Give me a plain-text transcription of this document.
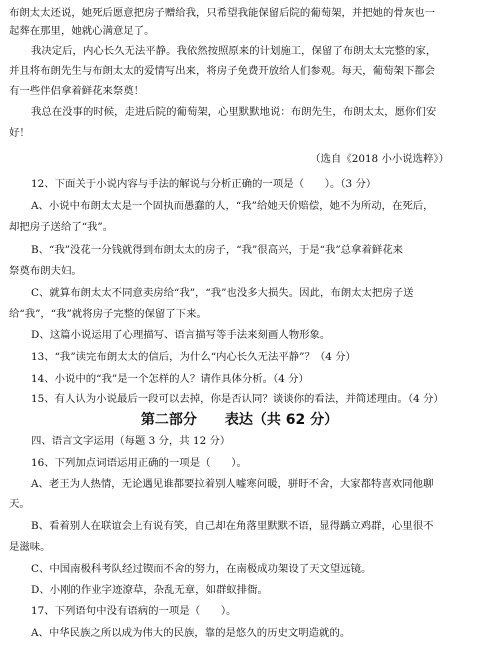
布朗太太还说，她死后愿意把房子赠给我，只希望我能保留后院的葡萄架，并把她的骨灰也一
起葬在那里，她就心满意足了。
我决定后，内心长久无法平静。我依然按照原来的计划施工，保留了布朗太太完整的家，
并且将布朗先生与布朗太太的爱情写出来，将房子免费开放给人们参观。每天，葡萄架下都会
有一些伴侣拿着鲜花来祭奠！
我总在没事的时候，走进后院的葡萄架，心里默默地说：布朗先生，布朗太太，愿你们安
好！
（选自《2018 小小说选粹》）
12、下面关于小说内容与手法的解说与分析正确的一项是（　　）。（3 分）
A、小说中布朗太太是一个固执而愚蠢的人，“我”给她天价赔偿，她不为所动，在死后，
却把房子送给了“我”。
B、“我”没花一分钱就得到布朗太太的房子，“我”很高兴，于是“我”总拿着鲜花来
祭奠布朗夫妇。
C、就算布朗太太不同意卖房给“我”，“我”也没多大损失。因此，布朗太太把房子送
给“我”，“我”就将房子完整的保留了下来。
D、这篇小说运用了心理描写、语言描写等手法来刻画人物形象。
13、“我”读完布朗太太的信后，为什么“内心长久无法平静”？（4 分）
14、小说中的“我”是一个怎样的人？请作具体分析。（4 分）
15、有人认为小说最后一段可以去掉，你是否认同？谈谈你的看法，并简述理由。（4 分）
第二部分　　表达（共 62 分）
四、语言文字运用（每题 3 分，共 12 分）
16、下列加点词语运用正确的一项是（　　）。
A、老王为人热情，无论遇见谁都要拉着别人嘘寒问暖，骈盱不舍，大家都特喜欢同他聊
天。
B、看着别人在联谊会上有说有笑，自己却在角落里默默不语，显得踽立鸡群，心里很不
是滋味。
C、中国南极科考队经过锲而不舍的努力，在南极成功架设了天文望远镜。
D、小刚的作业字迹潦草，杂乱无章，如群蚁排衙。
17、下列语句中没有语病的一项是（　　）。
A、中华民族之所以成为伟大的民族，靠的是悠久的历史文明造就的。
